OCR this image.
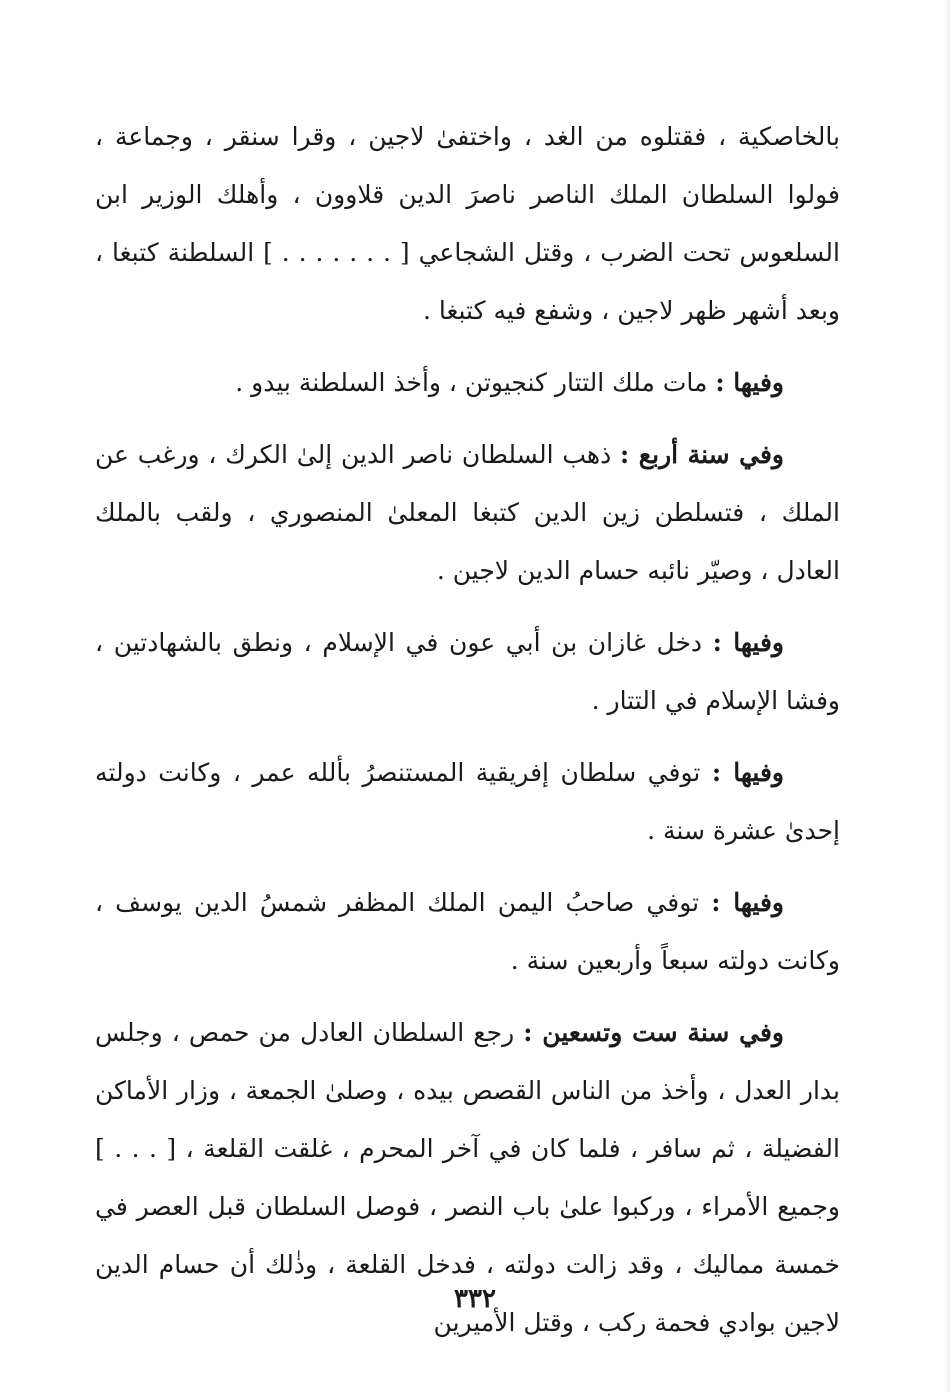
بالخاصكية ، فقتلوه من الغد ، واختفىٰ لاجين ، وقرا سنقر ، وجماعة ، فولوا السلطان الملك الناصر ناصرَ الدين قلاوون ، وأهلك الوزير ابن السلعوس تحت الضرب ، وقتل الشجاعي [ . . . . . . . ] السلطنة كتبغا ، وبعد أشهر ظهر لاجين ، وشفع فيه كتبغا .

وفيها : مات ملك التتار كنجيوتن ، وأخذ السلطنة بيدو .

وفي سنة أربع : ذهب السلطان ناصر الدين إلىٰ الكرك ، ورغب عن الملك ، فتسلطن زين الدين كتبغا المعلىٰ المنصوري ، ولقب بالملك العادل ، وصيّر نائبه حسام الدين لاجين .

وفيها : دخل غازان بن أبي عون في الإسلام ، ونطق بالشهادتين ، وفشا الإسلام في التتار .

وفيها : توفي سلطان إفريقية المستنصرُ بألله عمر ، وكانت دولته إحدىٰ عشرة سنة .

وفيها : توفي صاحبُ اليمن الملك المظفر شمسُ الدين يوسف ، وكانت دولته سبعاً وأربعين سنة .

وفي سنة ست وتسعين : رجع السلطان العادل من حمص ، وجلس بدار العدل ، وأخذ من الناس القصص بيده ، وصلىٰ الجمعة ، وزار الأماكن الفضيلة ، ثم سافر ، فلما كان في آخر المحرم ، غلقت القلعة ، [ . . . ] وجميع الأمراء ، وركبوا علىٰ باب النصر ، فوصل السلطان قبل العصر في خمسة مماليك ، وقد زالت دولته ، فدخل القلعة ، وذٰلك أن حسام الدين لاجين بوادي فحمة ركب ، وقتل الأميرين

٣٣٢
